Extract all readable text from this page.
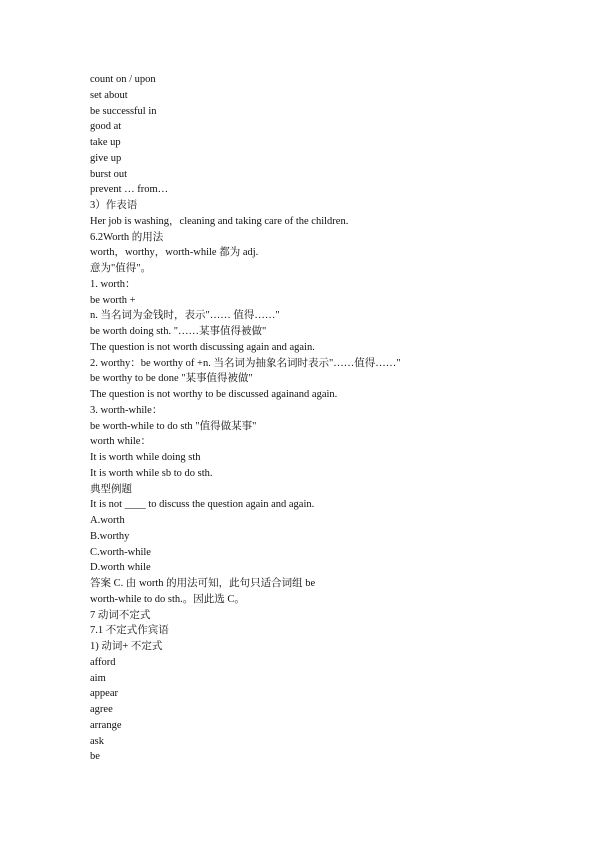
count on / upon
set about
be successful in
good at
take up
give up
burst out
prevent … from…
3）作表语
Her job is washing，cleaning and taking care of the children.
6.2Worth 的用法
worth，worthy，worth-while 都为 adj.
意为"值得"。
1. worth：
be worth +
n. 当名词为金钱时，表示"…… 值得……"
be worth doing sth. "……某事值得被做"
The question is not worth discussing again and again.
2. worthy：be worthy of +n. 当名词为抽象名词时表示"……值得……"
be worthy to be done "某事值得被做"
The question is not worthy to be discussed againand again.
3. worth-while：
be worth-while to do sth "值得做某事"
worth while：
It is worth while doing sth
It is worth while sb to do sth.
典型例题
It is not ____ to discuss the question again and again.
A.worth
B.worthy
C.worth-while
D.worth while
答案 C. 由 worth 的用法可知，此句只适合词组 be
worth-while to do sth.。因此选 C。
7 动词不定式
7.1 不定式作宾语
1) 动词+ 不定式
afford
aim
appear
agree
arrange
ask
be
